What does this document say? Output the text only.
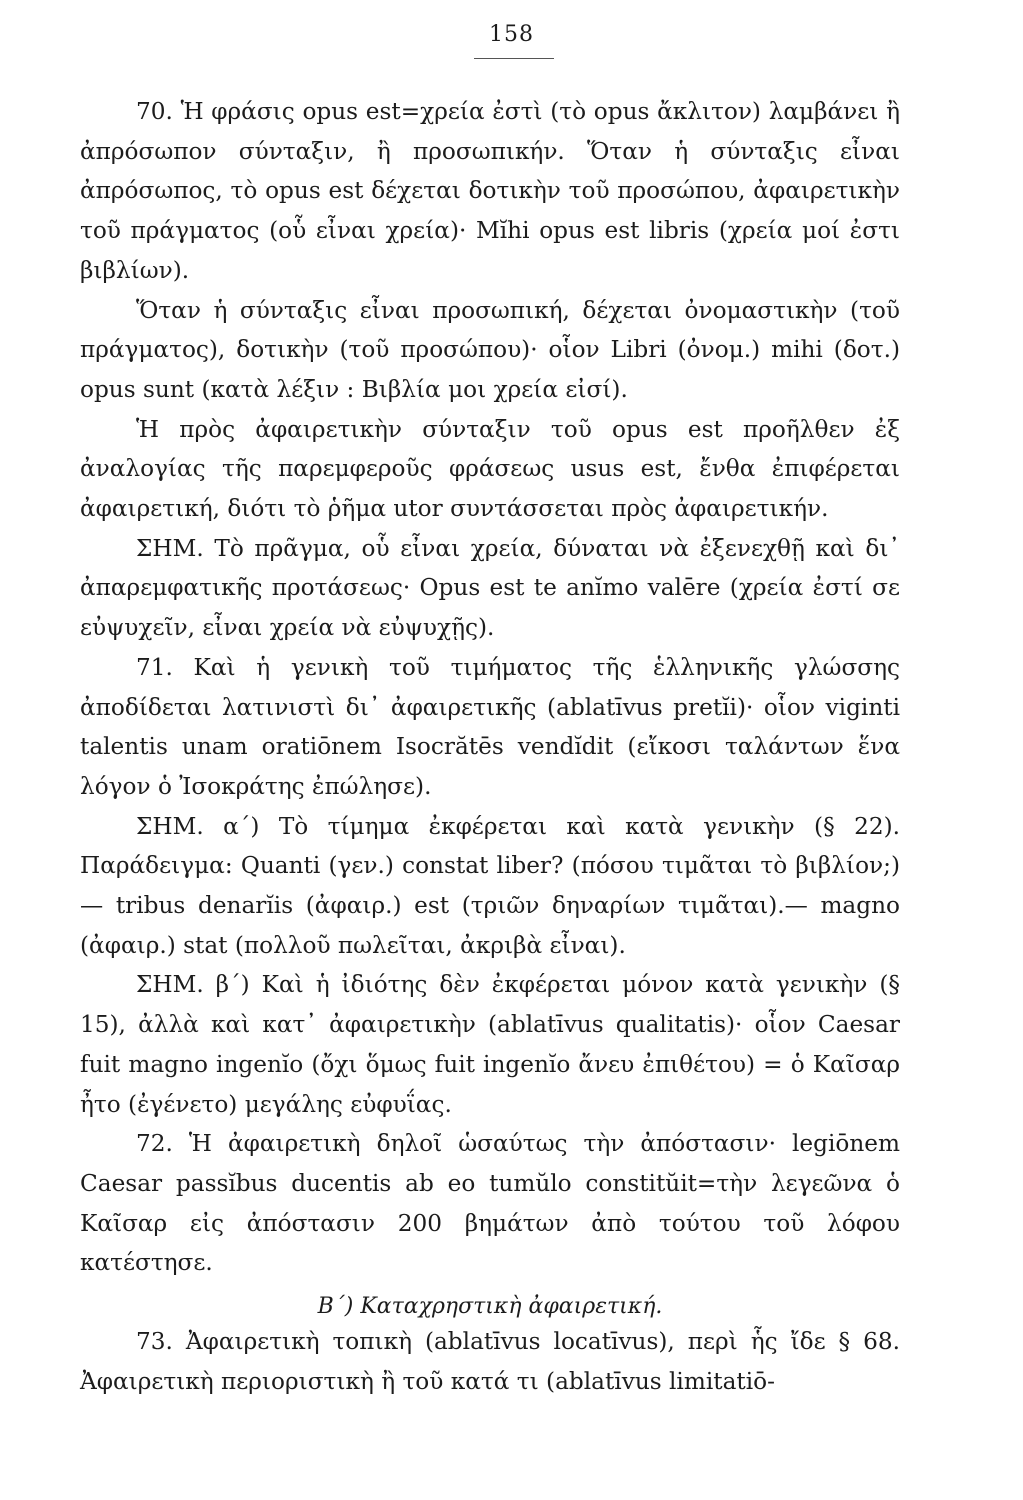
158

70. Ἡ φράσις opus est=χρεία ἐστὶ (τὸ opus ἄκλιτον) λαμβάνει ἢ ἀπρόσωπον σύνταξιν, ἢ προσωπικήν. Ὅταν ἡ σύνταξις εἶναι ἀπρόσωπος, τὸ opus est δέχεται δοτικὴν τοῦ προσώπου, ἀφαιρετικὴν τοῦ πράγματος (οὗ εἶναι χρεία)· Mĭhi opus est libris (χρεία μοί ἐστι βιβλίων).

Ὅταν ἡ σύνταξις εἶναι προσωπική, δέχεται ὀνομαστικὴν (τοῦ πράγματος), δοτικὴν (τοῦ προσώπου)· οἷον Libri (ὀνομ.) mihi (δοτ.) opus sunt (κατὰ λέξιν : Βιβλία μοι χρεία εἰσί).

Ἡ πρὸς ἀφαιρετικὴν σύνταξιν τοῦ opus est προῆλθεν ἐξ ἀναλογίας τῆς παρεμφεροῦς φράσεως usus est, ἔνθα ἐπιφέρεται ἀφαιρετική, διότι τὸ ῥῆμα utor συντάσσεται πρὸς ἀφαιρετικήν.

ΣΗΜ. Τὸ πρᾶγμα, οὗ εἶναι χρεία, δύναται νὰ ἐξενεχθῇ καὶ δι᾽ ἀπαρεμφατικῆς προτάσεως· Opus est te anĭmo valēre (χρεία ἐστί σε εὐψυχεῖν, εἶναι χρεία νὰ εὐψυχῇς).

71. Καὶ ἡ γενικὴ τοῦ τιμήματος τῆς ἑλληνικῆς γλώσσης ἀποδίδεται λατινιστὶ δι᾽ ἀφαιρετικῆς (ablatīvus pretĭi)· οἷον viginti talentis unam oratiōnem Isocrătēs vendĭdit (εἴκοσι ταλάντων ἕνα λόγον ὁ Ἰσοκράτης ἐπώλησε).

ΣΗΜ. α΄) Τὸ τίμημα ἐκφέρεται καὶ κατὰ γενικὴν (§ 22). Παράδειγμα: Quanti (γεν.) constat liber? (πόσου τιμᾶται τὸ βιβλίον;)— tribus denarĭis (ἀφαιρ.) est (τριῶν δηναρίων τιμᾶται).— magno (ἀφαιρ.) stat (πολλοῦ πωλεῖται, ἀκριβὰ εἶναι).

ΣΗΜ. β΄) Καὶ ἡ ἰδιότης δὲν ἐκφέρεται μόνον κατὰ γενικὴν (§ 15), ἀλλὰ καὶ κατ᾽ ἀφαιρετικὴν (ablatīvus qualitatis)· οἷον Caesar fuit magno ingenĭo (ὄχι ὅμως fuit ingenĭo ἄνευ ἐπιθέτου) = ὁ Καῖσαρ ἦτο (ἐγένετο) μεγάλης εὐφυΐας.

72. Ἡ ἀφαιρετικὴ δηλοῖ ὡσαύτως τὴν ἀπόστασιν· legiōnem Caesar passĭbus ducentis ab eo tumŭlo constitŭit=τὴν λεγεῶνα ὁ Καῖσαρ εἰς ἀπόστασιν 200 βημάτων ἀπὸ τούτου τοῦ λόφου κατέστησε.

Β΄) Καταχρηστικὴ ἀφαιρετική.

73. Ἀφαιρετικὴ τοπικὴ (ablatīvus locatīvus), περὶ ἧς ἴδε § 68. Ἀφαιρετικὴ περιοριστικὴ ἢ τοῦ κατά τι (ablatīvus limitatiō-
